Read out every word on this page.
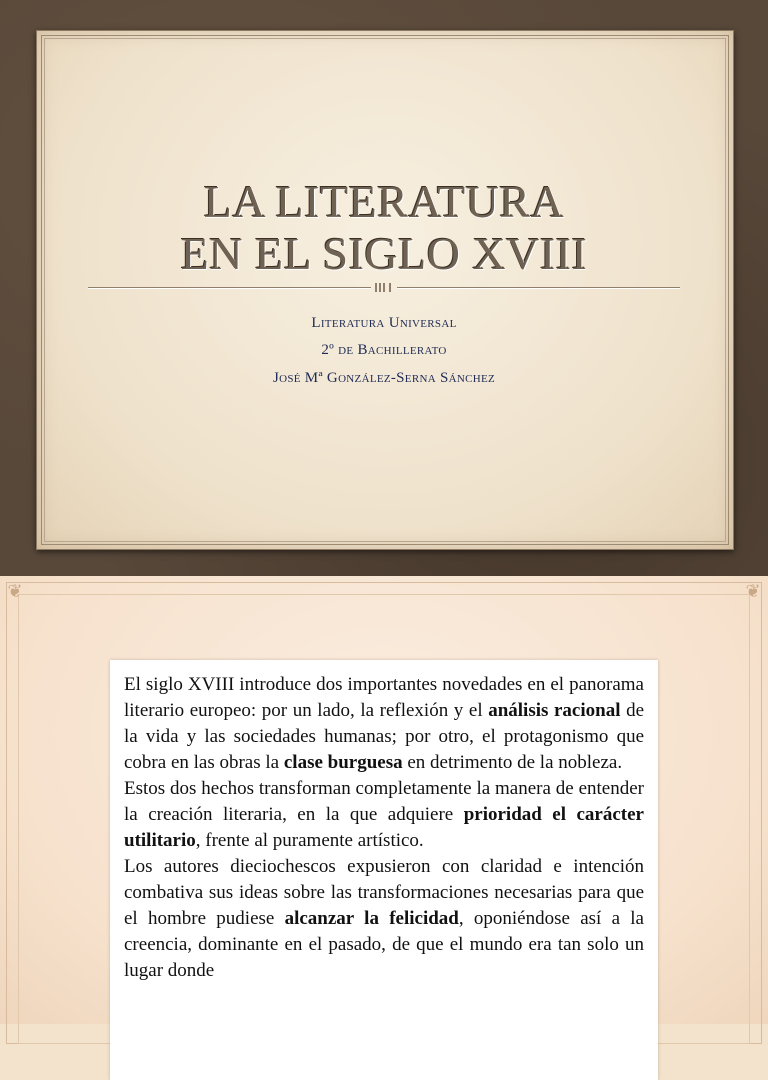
LA LITERATURA
EN EL SIGLO XVIII
Literatura Universal
2º de Bachillerato
José Mª González-Serna Sánchez
❦	❦

El siglo XVIII introduce dos importantes novedades en el panorama literario europeo: por un lado, la reflexión y el análisis racional de la vida y las sociedades humanas; por otro, el protagonismo que cobra en las obras la clase burguesa en detrimento de la nobleza.

Estos dos hechos transforman completamente la manera de entender la creación literaria, en la que adquiere prioridad el carácter utilitario, frente al puramente artístico.

Los autores dieciochescos expusieron con claridad e intención combativa sus ideas sobre las transformaciones necesarias para que el hombre pudiese alcanzar la felicidad, oponiéndose así a la creencia, dominante en el pasado, de que el mundo era tan solo un lugar donde
